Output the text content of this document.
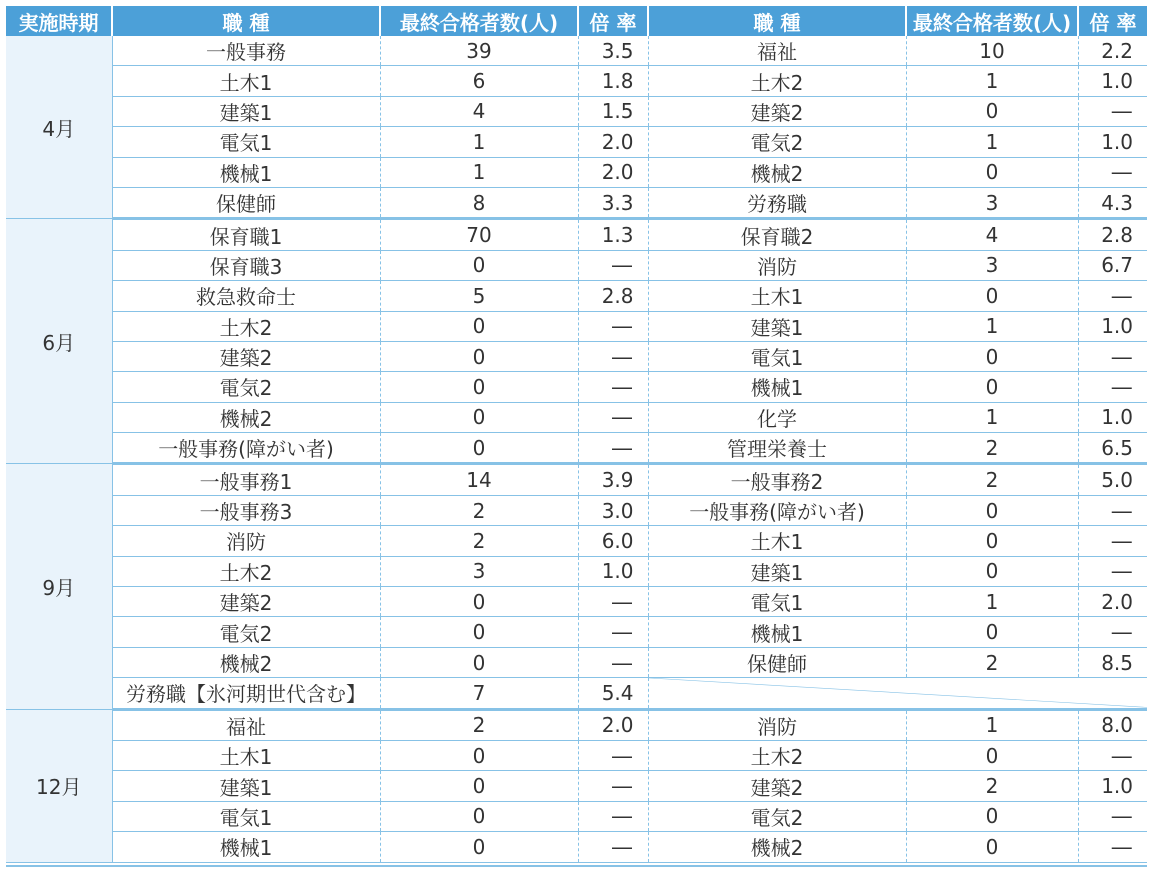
実施時期	職 種	最終合格者数(人)	倍 率	職 種	最終合格者数(人)	倍 率
4月	一般事務	39	3.5	福祉	10	2.2
	土木1	6	1.8	土木2	1	1.0
	建築1	4	1.5	建築2	0	―
	電気1	1	2.0	電気2	1	1.0
	機械1	1	2.0	機械2	0	―
	保健師	8	3.3	労務職	3	4.3
6月	保育職1	70	1.3	保育職2	4	2.8
	保育職3	0	―	消防	3	6.7
	救急救命士	5	2.8	土木1	0	―
	土木2	0	―	建築1	1	1.0
	建築2	0	―	電気1	0	―
	電気2	0	―	機械1	0	―
	機械2	0	―	化学	1	1.0
	一般事務(障がい者)	0	―	管理栄養士	2	6.5
9月	一般事務1	14	3.9	一般事務2	2	5.0
	一般事務3	2	3.0	一般事務(障がい者)	0	―
	消防	2	6.0	土木1	0	―
	土木2	3	1.0	建築1	0	―
	建築2	0	―	電気1	1	2.0
	電気2	0	―	機械1	0	―
	機械2	0	―	保健師	2	8.5
	労務職【氷河期世代含む】	7	5.4	

12月	福祉	2	2.0	消防	1	8.0
	土木1	0	―	土木2	0	―
	建築1	0	―	建築2	2	1.0
	電気1	0	―	電気2	0	―
	機械1	0	―	機械2	0	―
